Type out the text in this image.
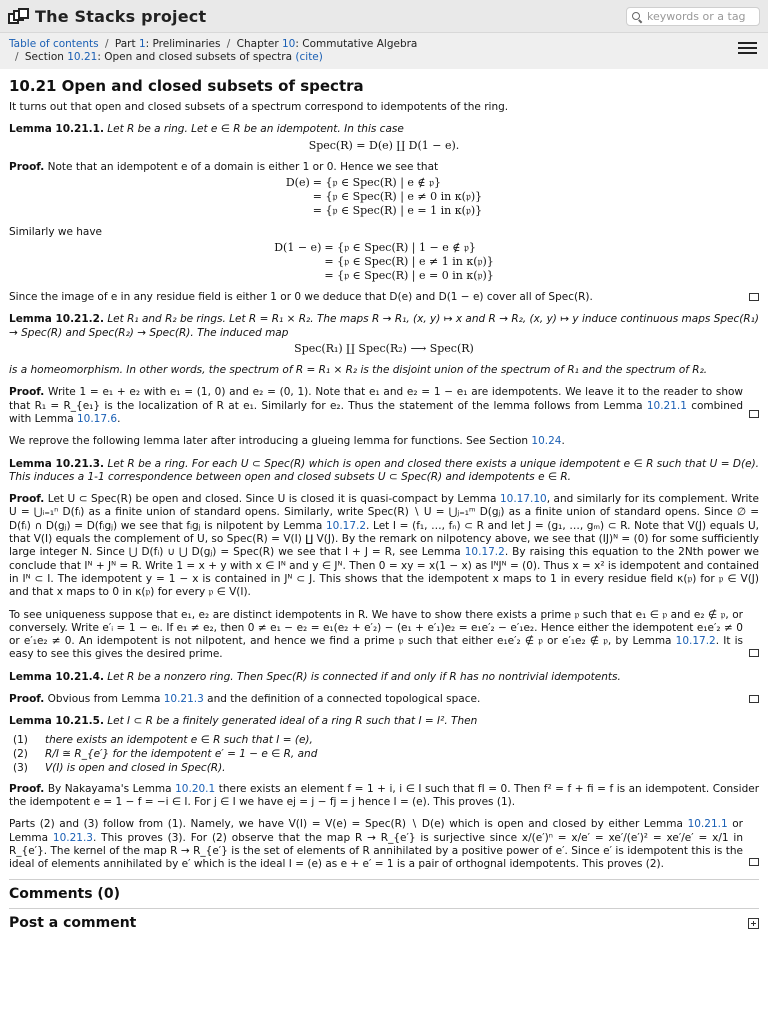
The Stacks project
keywords or a tag
Table of contents / Part 1: Preliminaries / Chapter 10: Commutative Algebra
/ Section 10.21: Open and closed subsets of spectra (cite)
10.21 Open and closed subsets of spectra

It turns out that open and closed subsets of a spectrum correspond to idempotents of the ring.

Lemma 10.21.1. Let R be a ring. Let e ∈ R be an idempotent. In this case

Spec(R) = D(e) ∐ D(1 − e).

Proof. Note that an idempotent e of a domain is either 1 or 0. Hence we see that

D(e)

= {𝔭 ∈ Spec(R) | e ∉ 𝔭}
= {𝔭 ∈ Spec(R) | e ≠ 0 in κ(𝔭)}
= {𝔭 ∈ Spec(R) | e = 1 in κ(𝔭)}

Similarly we have

D(1 − e)

= {𝔭 ∈ Spec(R) | 1 − e ∉ 𝔭}
= {𝔭 ∈ Spec(R) | e ≠ 1 in κ(𝔭)}
= {𝔭 ∈ Spec(R) | e = 0 in κ(𝔭)}

Since the image of e in any residue field is either 1 or 0 we deduce that D(e) and D(1 − e) cover all of Spec(R).

Lemma 10.21.2. Let R₁ and R₂ be rings. Let R = R₁ × R₂. The maps R → R₁, (x, y) ↦ x and R → R₂, (x, y) ↦ y induce continuous maps Spec(R₁) → Spec(R) and Spec(R₂) → Spec(R). The induced map

Spec(R₁) ∐ Spec(R₂) ⟶ Spec(R)

is a homeomorphism. In other words, the spectrum of R = R₁ × R₂ is the disjoint union of the spectrum of R₁ and the spectrum of R₂.

Proof. Write 1 = e₁ + e₂ with e₁ = (1, 0) and e₂ = (0, 1). Note that e₁ and e₂ = 1 − e₁ are idempotents. We leave it to the reader to show that R₁ = R_{e₁} is the localization of R at e₁. Similarly for e₂. Thus the statement of the lemma follows from Lemma 10.21.1 combined with Lemma 10.17.6.

We reprove the following lemma later after introducing a glueing lemma for functions. See Section 10.24.

Lemma 10.21.3. Let R be a ring. For each U ⊂ Spec(R) which is open and closed there exists a unique idempotent e ∈ R such that U = D(e). This induces a 1-1 correspondence between open and closed subsets U ⊂ Spec(R) and idempotents e ∈ R.

Proof. Let U ⊂ Spec(R) be open and closed. Since U is closed it is quasi-compact by Lemma 10.17.10, and similarly for its complement. Write U = ⋃ᵢ₌₁ⁿ D(fᵢ) as a finite union of standard opens. Similarly, write Spec(R) ∖ U = ⋃ⱼ₌₁ᵐ D(gⱼ) as a finite union of standard opens. Since ∅ = D(fᵢ) ∩ D(gⱼ) = D(fᵢgⱼ) we see that fᵢgⱼ is nilpotent by Lemma 10.17.2. Let I = (f₁, …, fₙ) ⊂ R and let J = (g₁, …, gₘ) ⊂ R. Note that V(J) equals U, that V(I) equals the complement of U, so Spec(R) = V(I) ∐ V(J). By the remark on nilpotency above, we see that (IJ)ᴺ = (0) for some sufficiently large integer N. Since ⋃ D(fᵢ) ∪ ⋃ D(gⱼ) = Spec(R) we see that I + J = R, see Lemma 10.17.2. By raising this equation to the 2Nth power we conclude that Iᴺ + Jᴺ = R. Write 1 = x + y with x ∈ Iᴺ and y ∈ Jᴺ. Then 0 = xy = x(1 − x) as IᴺJᴺ = (0). Thus x = x² is idempotent and contained in Iᴺ ⊂ I. The idempotent y = 1 − x is contained in Jᴺ ⊂ J. This shows that the idempotent x maps to 1 in every residue field κ(𝔭) for 𝔭 ∈ V(J) and that x maps to 0 in κ(𝔭) for every 𝔭 ∈ V(I).

To see uniqueness suppose that e₁, e₂ are distinct idempotents in R. We have to show there exists a prime 𝔭 such that e₁ ∈ 𝔭 and e₂ ∉ 𝔭, or conversely. Write e′ᵢ = 1 − eᵢ. If e₁ ≠ e₂, then 0 ≠ e₁ − e₂ = e₁(e₂ + e′₂) − (e₁ + e′₁)e₂ = e₁e′₂ − e′₁e₂. Hence either the idempotent e₁e′₂ ≠ 0 or e′₁e₂ ≠ 0. An idempotent is not nilpotent, and hence we find a prime 𝔭 such that either e₁e′₂ ∉ 𝔭 or e′₁e₂ ∉ 𝔭, by Lemma 10.17.2. It is easy to see this gives the desired prime.

Lemma 10.21.4. Let R be a nonzero ring. Then Spec(R) is connected if and only if R has no nontrivial idempotents.

Proof. Obvious from Lemma 10.21.3 and the definition of a connected topological space.

Lemma 10.21.5. Let I ⊂ R be a finitely generated ideal of a ring R such that I = I². Then

(1)	there exists an idempotent e ∈ R such that I = (e),
(2)	R/I ≅ R_{e′} for the idempotent e′ = 1 − e ∈ R, and
(3)	V(I) is open and closed in Spec(R).

Proof. By Nakayama's Lemma 10.20.1 there exists an element f = 1 + i, i ∈ I such that fI = 0. Then f² = f + fi = f is an idempotent. Consider the idempotent e = 1 − f = −i ∈ I. For j ∈ I we have ej = j − fj = j hence I = (e). This proves (1).

Parts (2) and (3) follow from (1). Namely, we have V(I) = V(e) = Spec(R) ∖ D(e) which is open and closed by either Lemma 10.21.1 or Lemma 10.21.3. This proves (3). For (2) observe that the map R → R_{e′} is surjective since x/(e′)ⁿ = x/e′ = xe′/(e′)² = xe′/e′ = x/1 in R_{e′}. The kernel of the map R → R_{e′} is the set of elements of R annihilated by a positive power of e′. Since e′ is idempotent this is the ideal of elements annihilated by e′ which is the ideal I = (e) as e + e′ = 1 is a pair of orthognal idempotents. This proves (2).

Comments (0)
Post a comment
